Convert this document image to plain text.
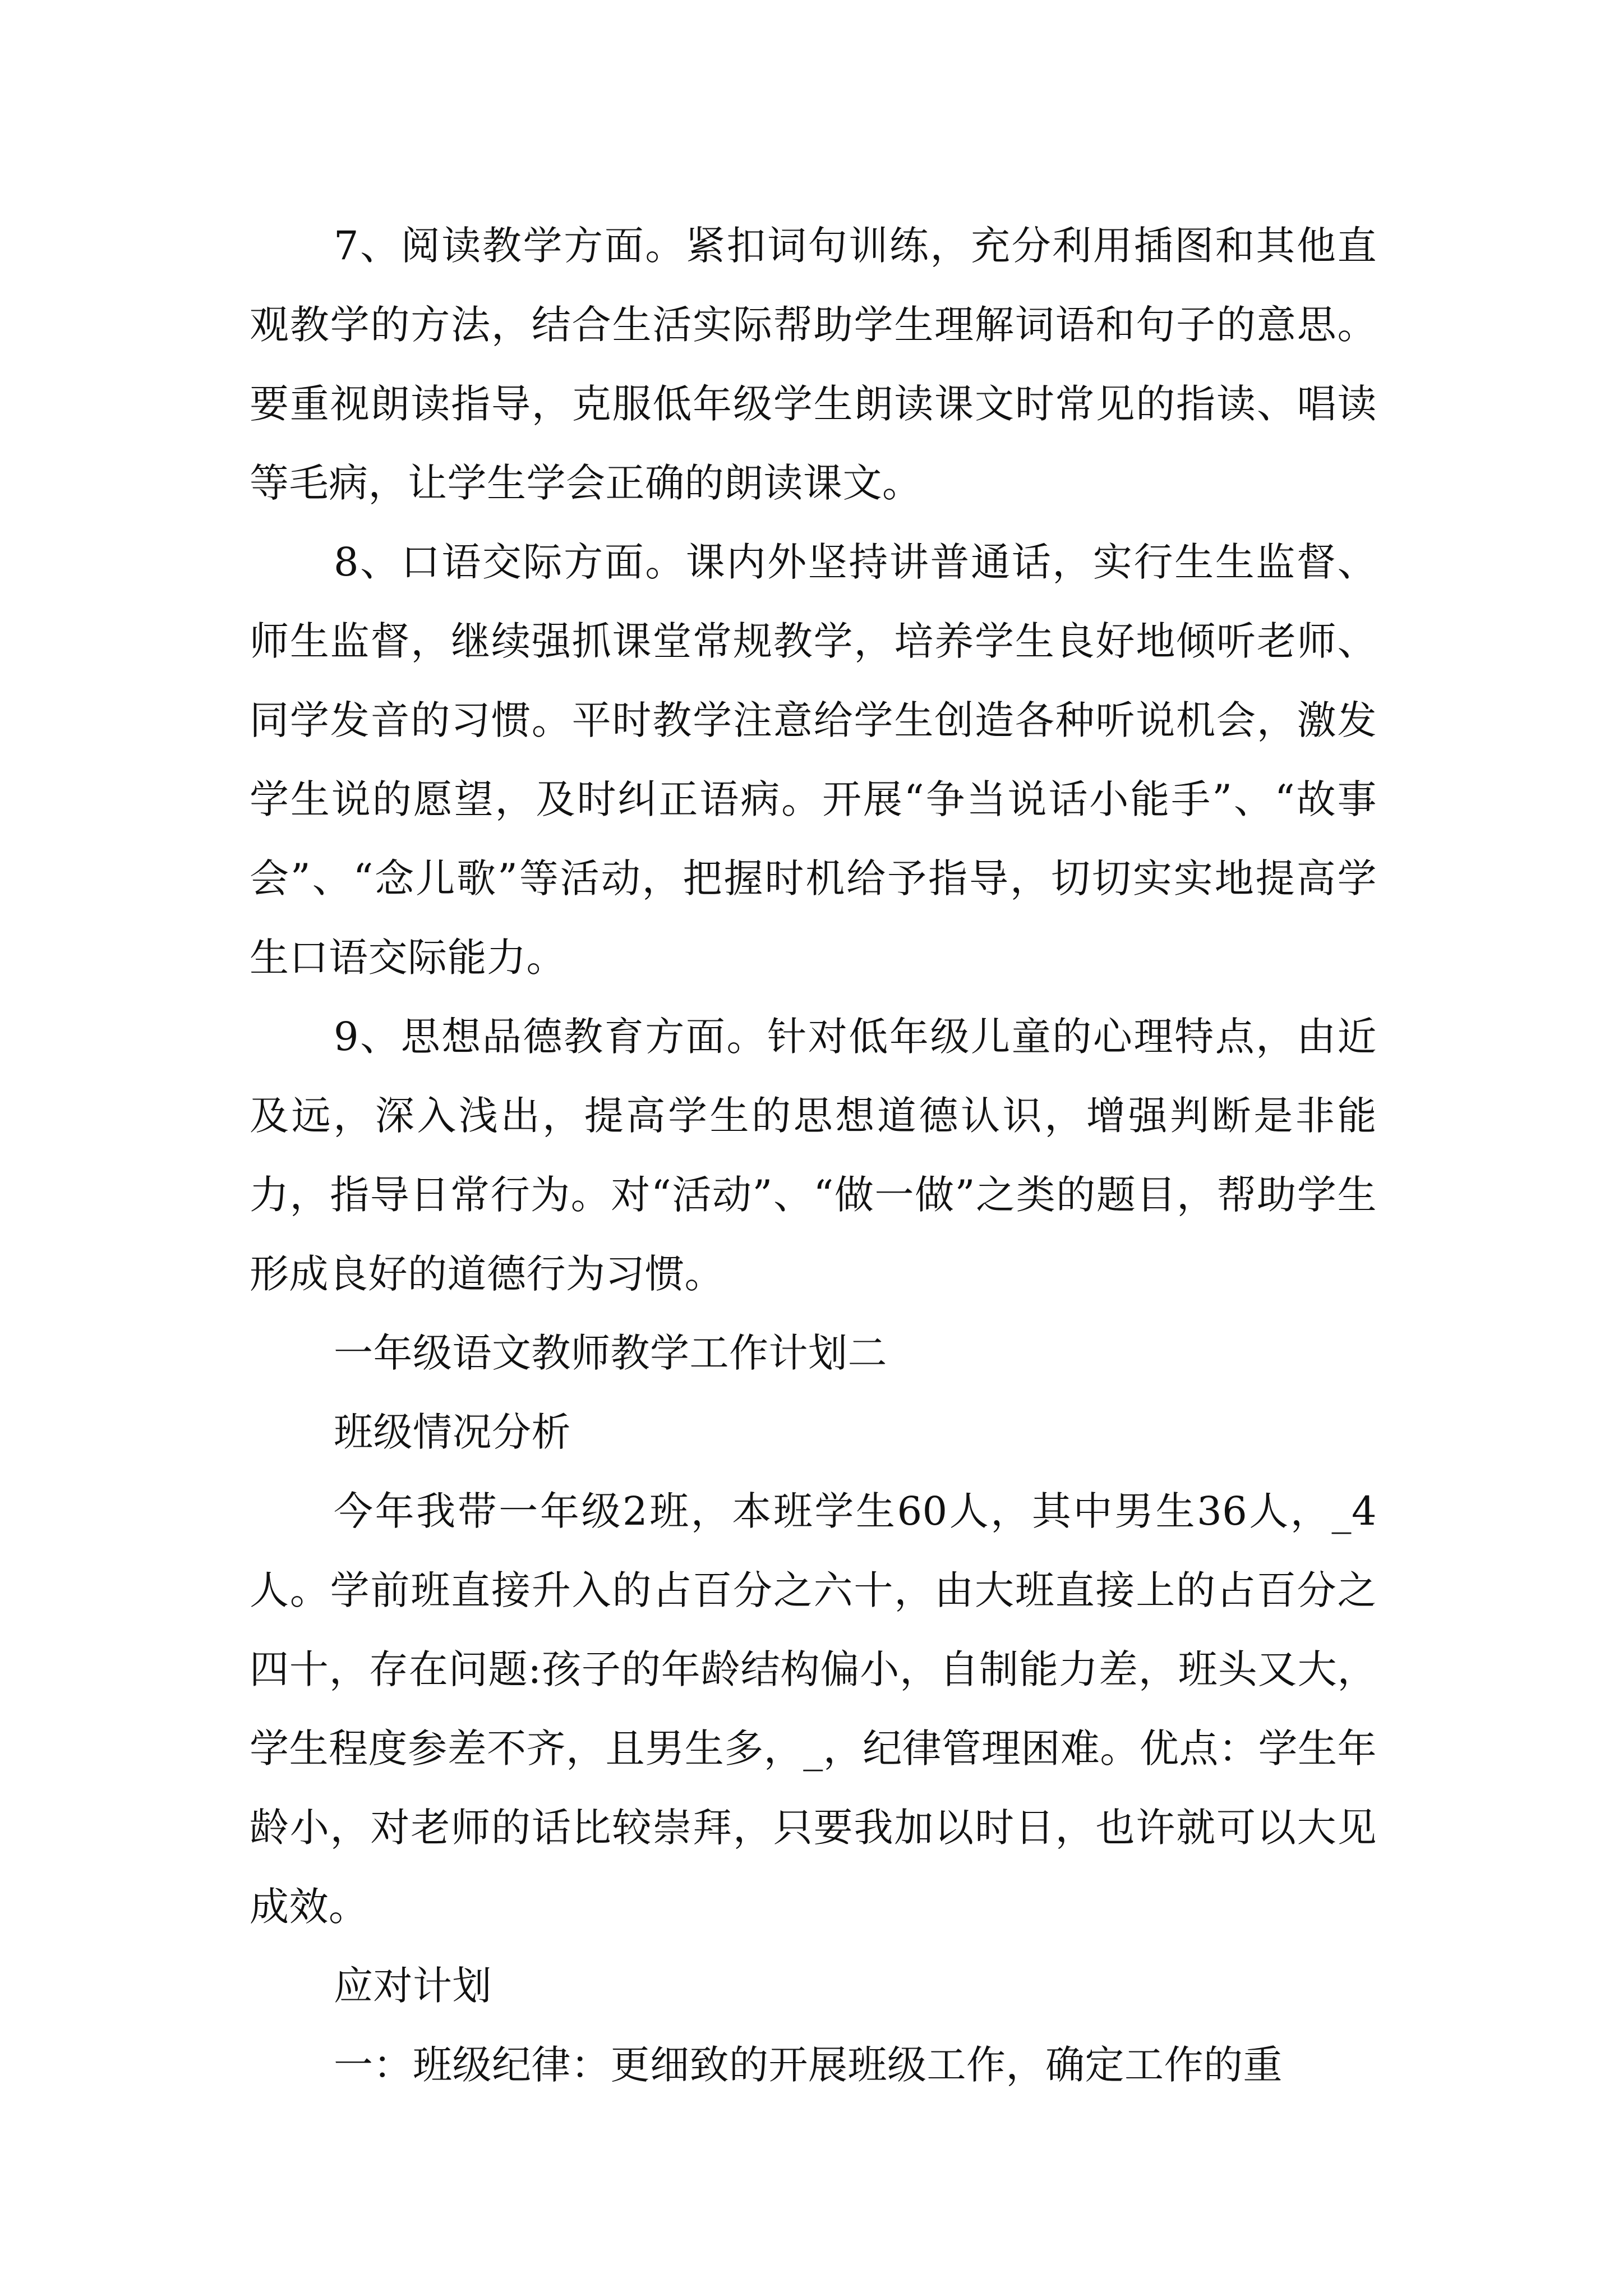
7、阅读教学方面。紧扣词句训练，充分利用插图和其他直观教学的方法，结合生活实际帮助学生理解词语和句子的意思。要重视朗读指导，克服低年级学生朗读课文时常见的指读、唱读等毛病，让学生学会正确的朗读课文。

8、口语交际方面。课内外坚持讲普通话，实行生生监督、师生监督，继续强抓课堂常规教学，培养学生良好地倾听老师、同学发音的习惯。平时教学注意给学生创造各种听说机会，激发学生说的愿望，及时纠正语病。开展“争当说话小能手”、“故事会”、“念儿歌”等活动，把握时机给予指导，切切实实地提高学生口语交际能力。

9、思想品德教育方面。针对低年级儿童的心理特点，由近及远，深入浅出，提高学生的思想道德认识，增强判断是非能力，指导日常行为。对“活动”、“做一做”之类的题目，帮助学生形成良好的道德行为习惯。

一年级语文教师教学工作计划二

班级情况分析

今年我带一年级2班，本班学生60人，其中男生36人，_4人。学前班直接升入的占百分之六十，由大班直接上的占百分之四十，存在问题:孩子的年龄结构偏小，自制能力差，班头又大，学生程度参差不齐，且男生多，_，纪律管理困难。优点：学生年龄小，对老师的话比较崇拜，只要我加以时日，也许就可以大见成效。

应对计划

一：班级纪律：更细致的开展班级工作，确定工作的重
